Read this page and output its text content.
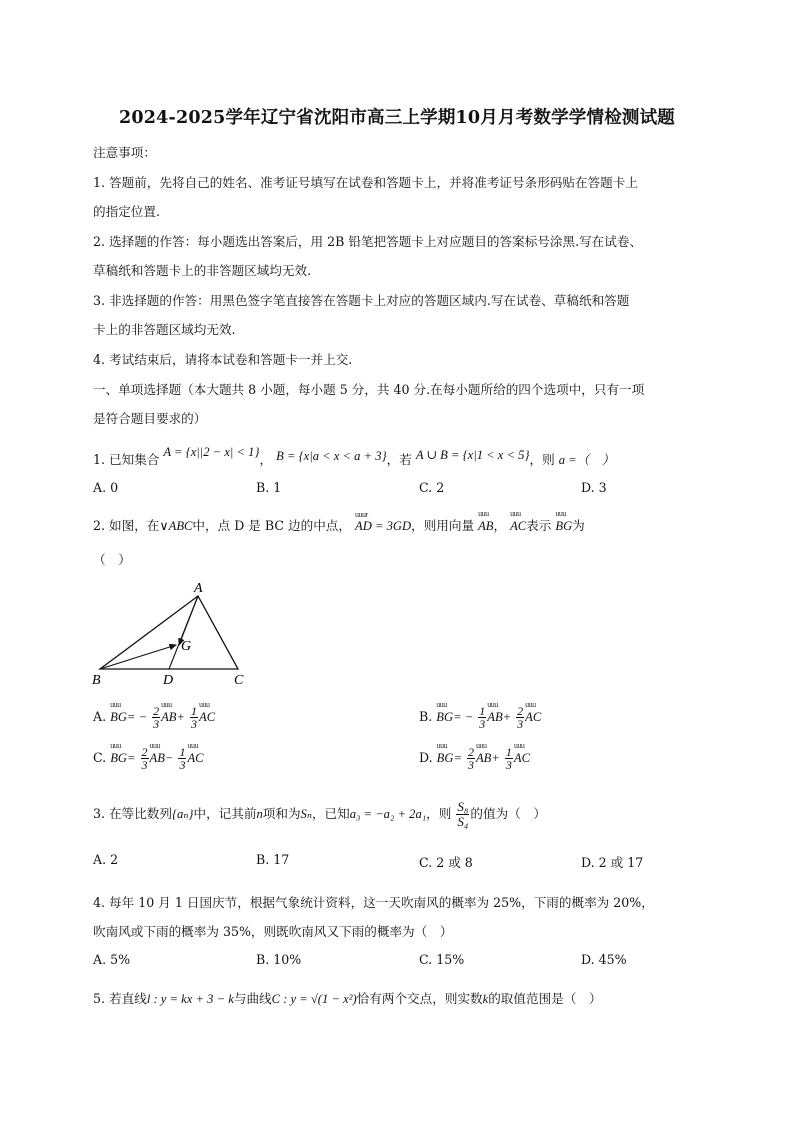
2024-2025学年辽宁省沈阳市高三上学期10月月考数学学情检测试题
注意事项：
1. 答题前，先将自己的姓名、准考证号填写在试卷和答题卡上，并将准考证号条形码贴在答题卡上
的指定位置.
2. 选择题的作答：每小题选出答案后，用 2B 铅笔把答题卡上对应题目的答案标号涂黑.写在试卷、
草稿纸和答题卡上的非答题区域均无效.
3. 非选择题的作答：用黑色签字笔直接答在答题卡上对应的答题区域内.写在试卷、草稿纸和答题
卡上的非答题区域均无效.
4. 考试结束后，请将本试卷和答题卡一并上交.
一、单项选择题（本大题共 8 小题，每小题 5 分，共 40 分.在每小题所给的四个选项中，只有一项
是符合题目要求的）
1. 已知集合 A = {x||2 − x| < 1}， B = {x|a < x < a + 3}，若 A ∪ B = {x|1 < x < 5}，则 a =（　）
A. 0	B. 1	C. 2	D. 3
2. 如图，在∨ABC中，点 D 是 BC 边的中点， uuur AD = 3GD，则用向量 uuu AB， uuu AC表示 uuu BG为
（　）
A
B	C
D
G
A. uuu $BG= - \frac{2}{3}$ uuu $AB+ \frac{1}{3}$ uuu AC	B. uuu $BG= - \frac{1}{3}$ uuu $AB+ \frac{2}{3}$ uuu AC
C. uuu $BG= \frac{2}{3}$ uuu $AB- \frac{1}{3}$ uuu AC	D. uuu $BG= \frac{2}{3}$ uuu $AB+ \frac{1}{3}$ uuu AC
3. 在等比数列{aₙ}中，记其前n项和为Sₙ，已知a₃ = −a₂ + 2a₁，则 $\frac{\text{S₈}}{\text{S₄}}$ 的值为（　）
A. 2	B. 17	C. 2 或 8	D. 2 或 17
4. 每年 10 月 1 日国庆节，根据气象统计资料，这一天吹南风的概率为 25%，下雨的概率为 20%，
吹南风或下雨的概率为 35%，则既吹南风又下雨的概率为（　）
A. 5%	B. 10%	C. 15%	D. 45%
5. 若直线l : y = kx + 3 − k与曲线C : y = √(1 − x²)恰有两个交点，则实数k的取值范围是（　）
